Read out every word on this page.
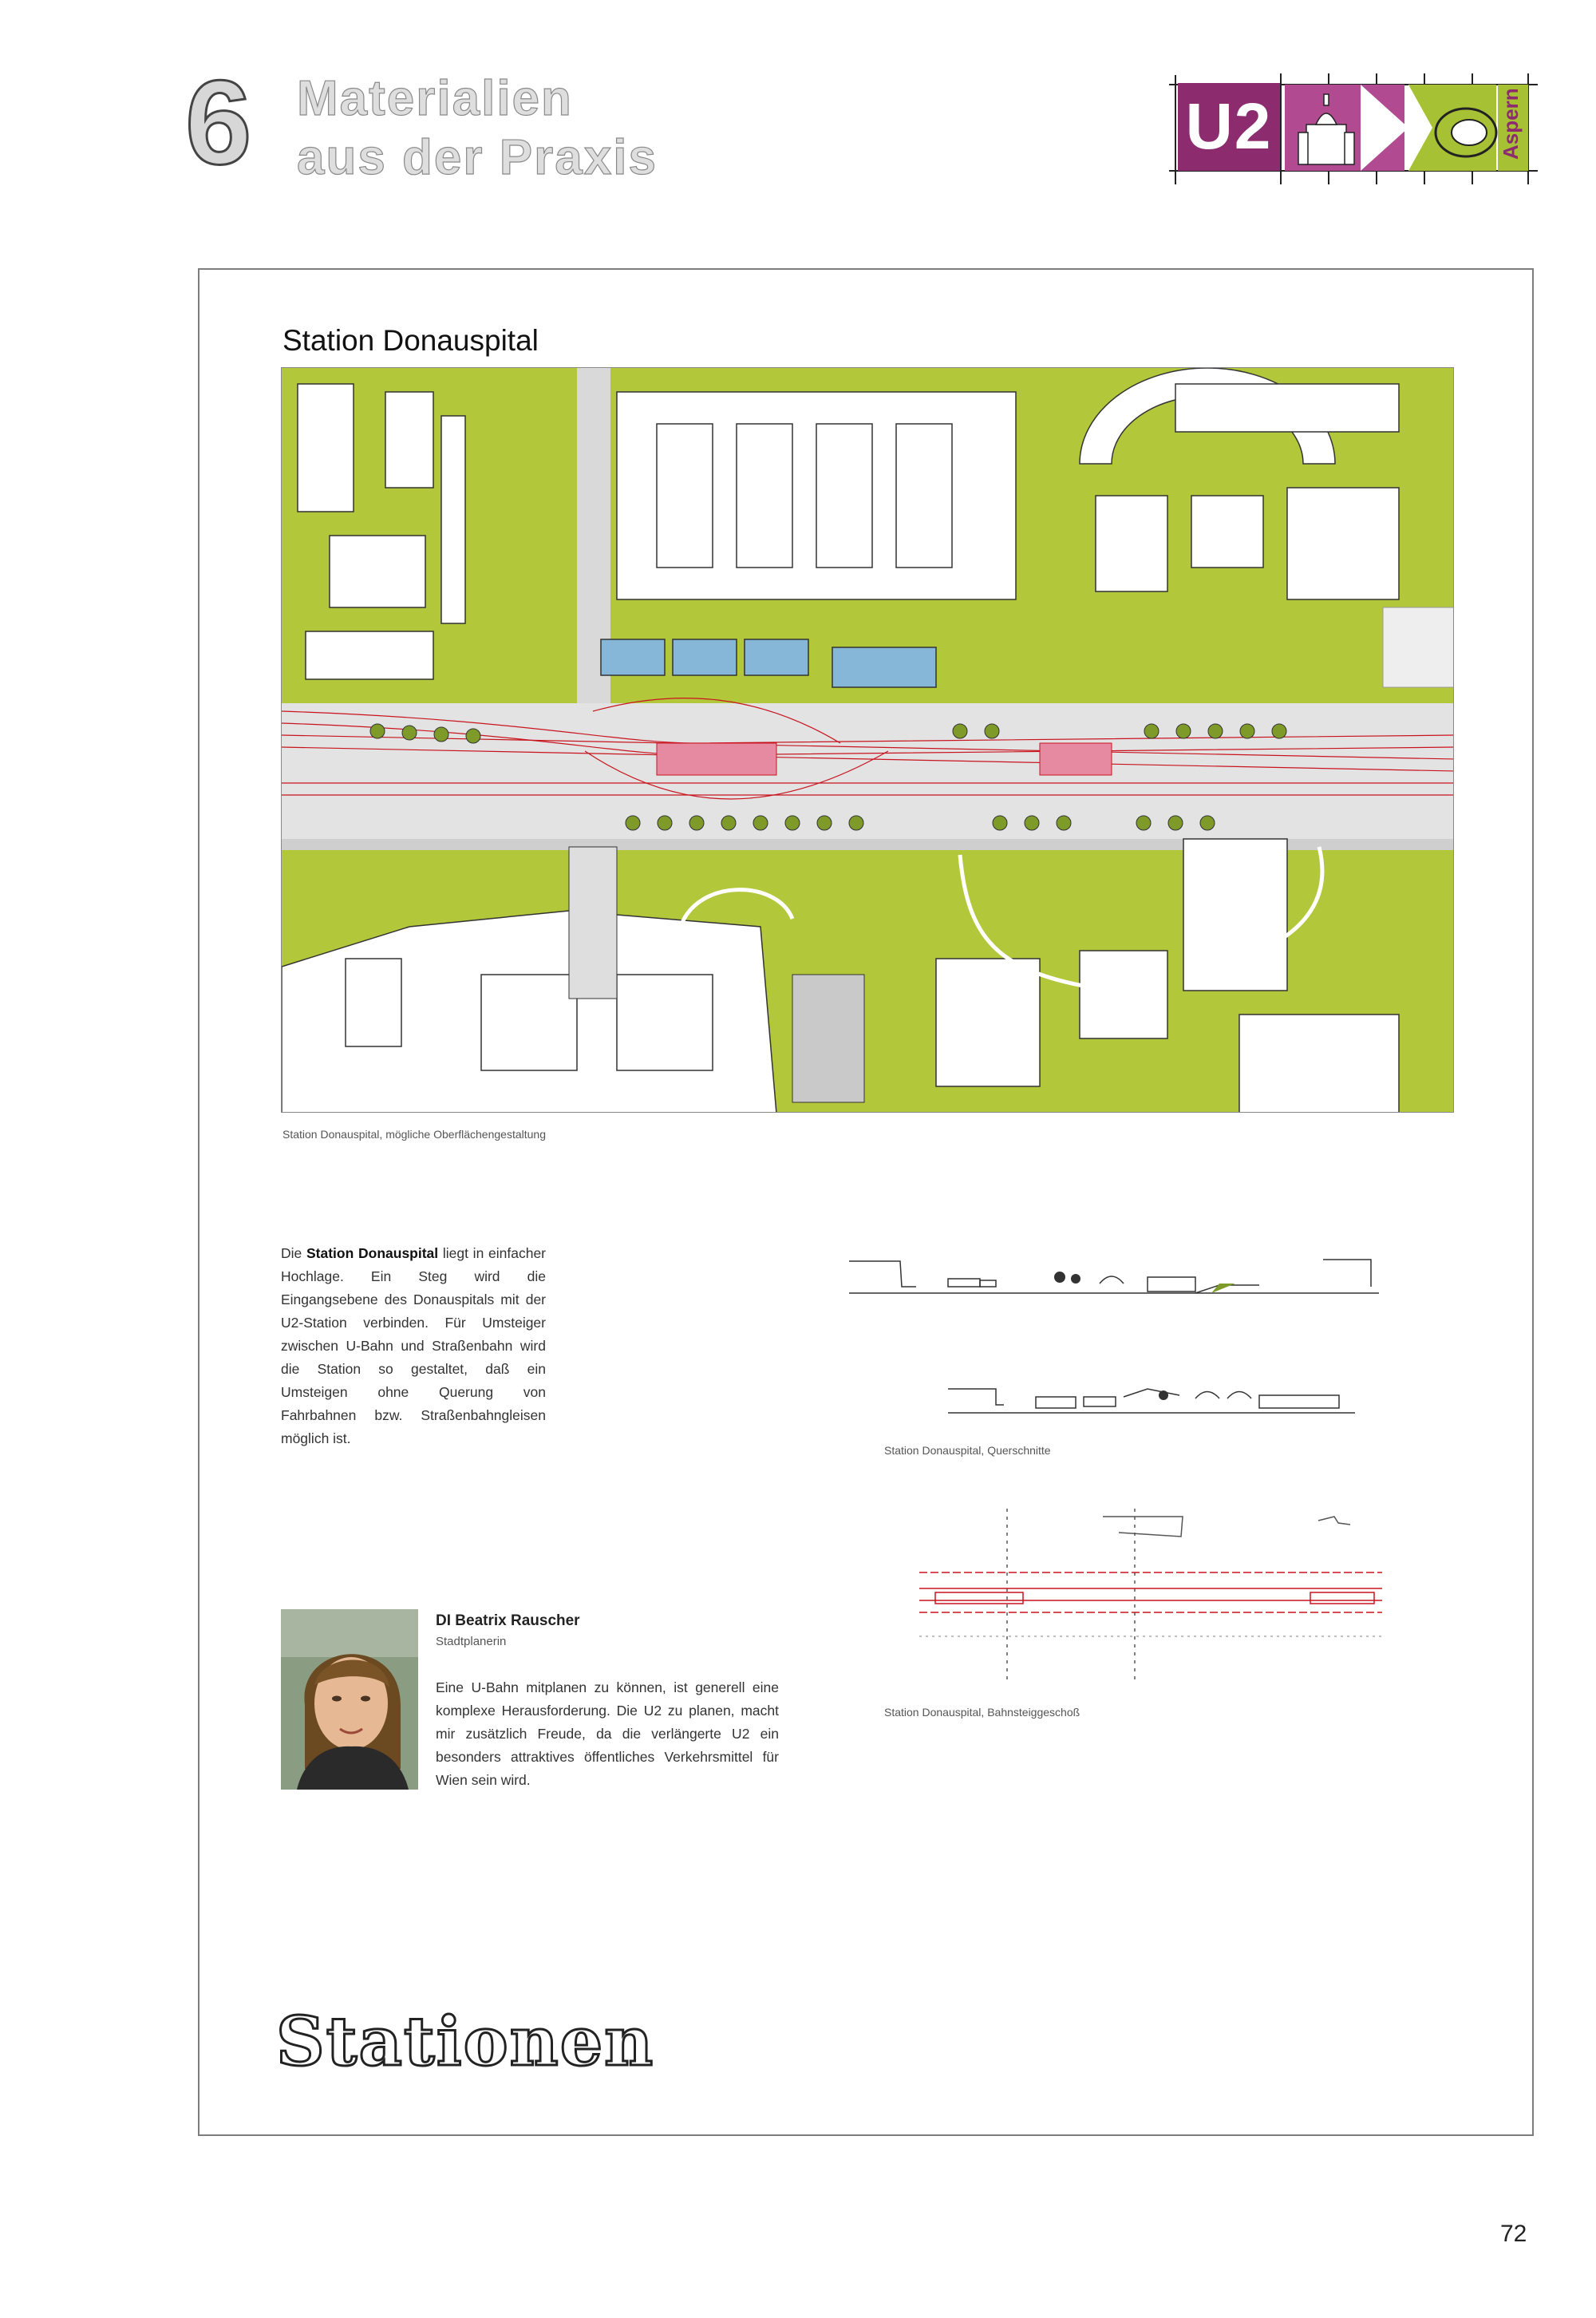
6 Materialien
aus der Praxis	U2	Aspern
Station Donauspital
Station Donauspital, mögliche Oberflächengestaltung
Die Station Donauspital liegt in einfacher Hochlage. Ein Steg wird die Eingangsebene des Donauspitals mit der U2-Station verbinden. Für Umsteiger zwischen U-Bahn und Straßenbahn wird die Station so gestaltet, daß ein Umsteigen ohne Querung von Fahrbahnen bzw. Straßenbahngleisen möglich ist.
Station Donauspital, Querschnitte
Station Donauspital, Bahnsteiggeschoß
DI Beatrix Rauscher
Stadtplanerin
Eine U-Bahn mitplanen zu können, ist generell eine komplexe Herausforderung. Die U2 zu planen, macht mir zusätzlich Freude, da die verlängerte U2 ein besonders attraktives öffentliches Verkehrsmittel für Wien sein wird.
Stationen
72
